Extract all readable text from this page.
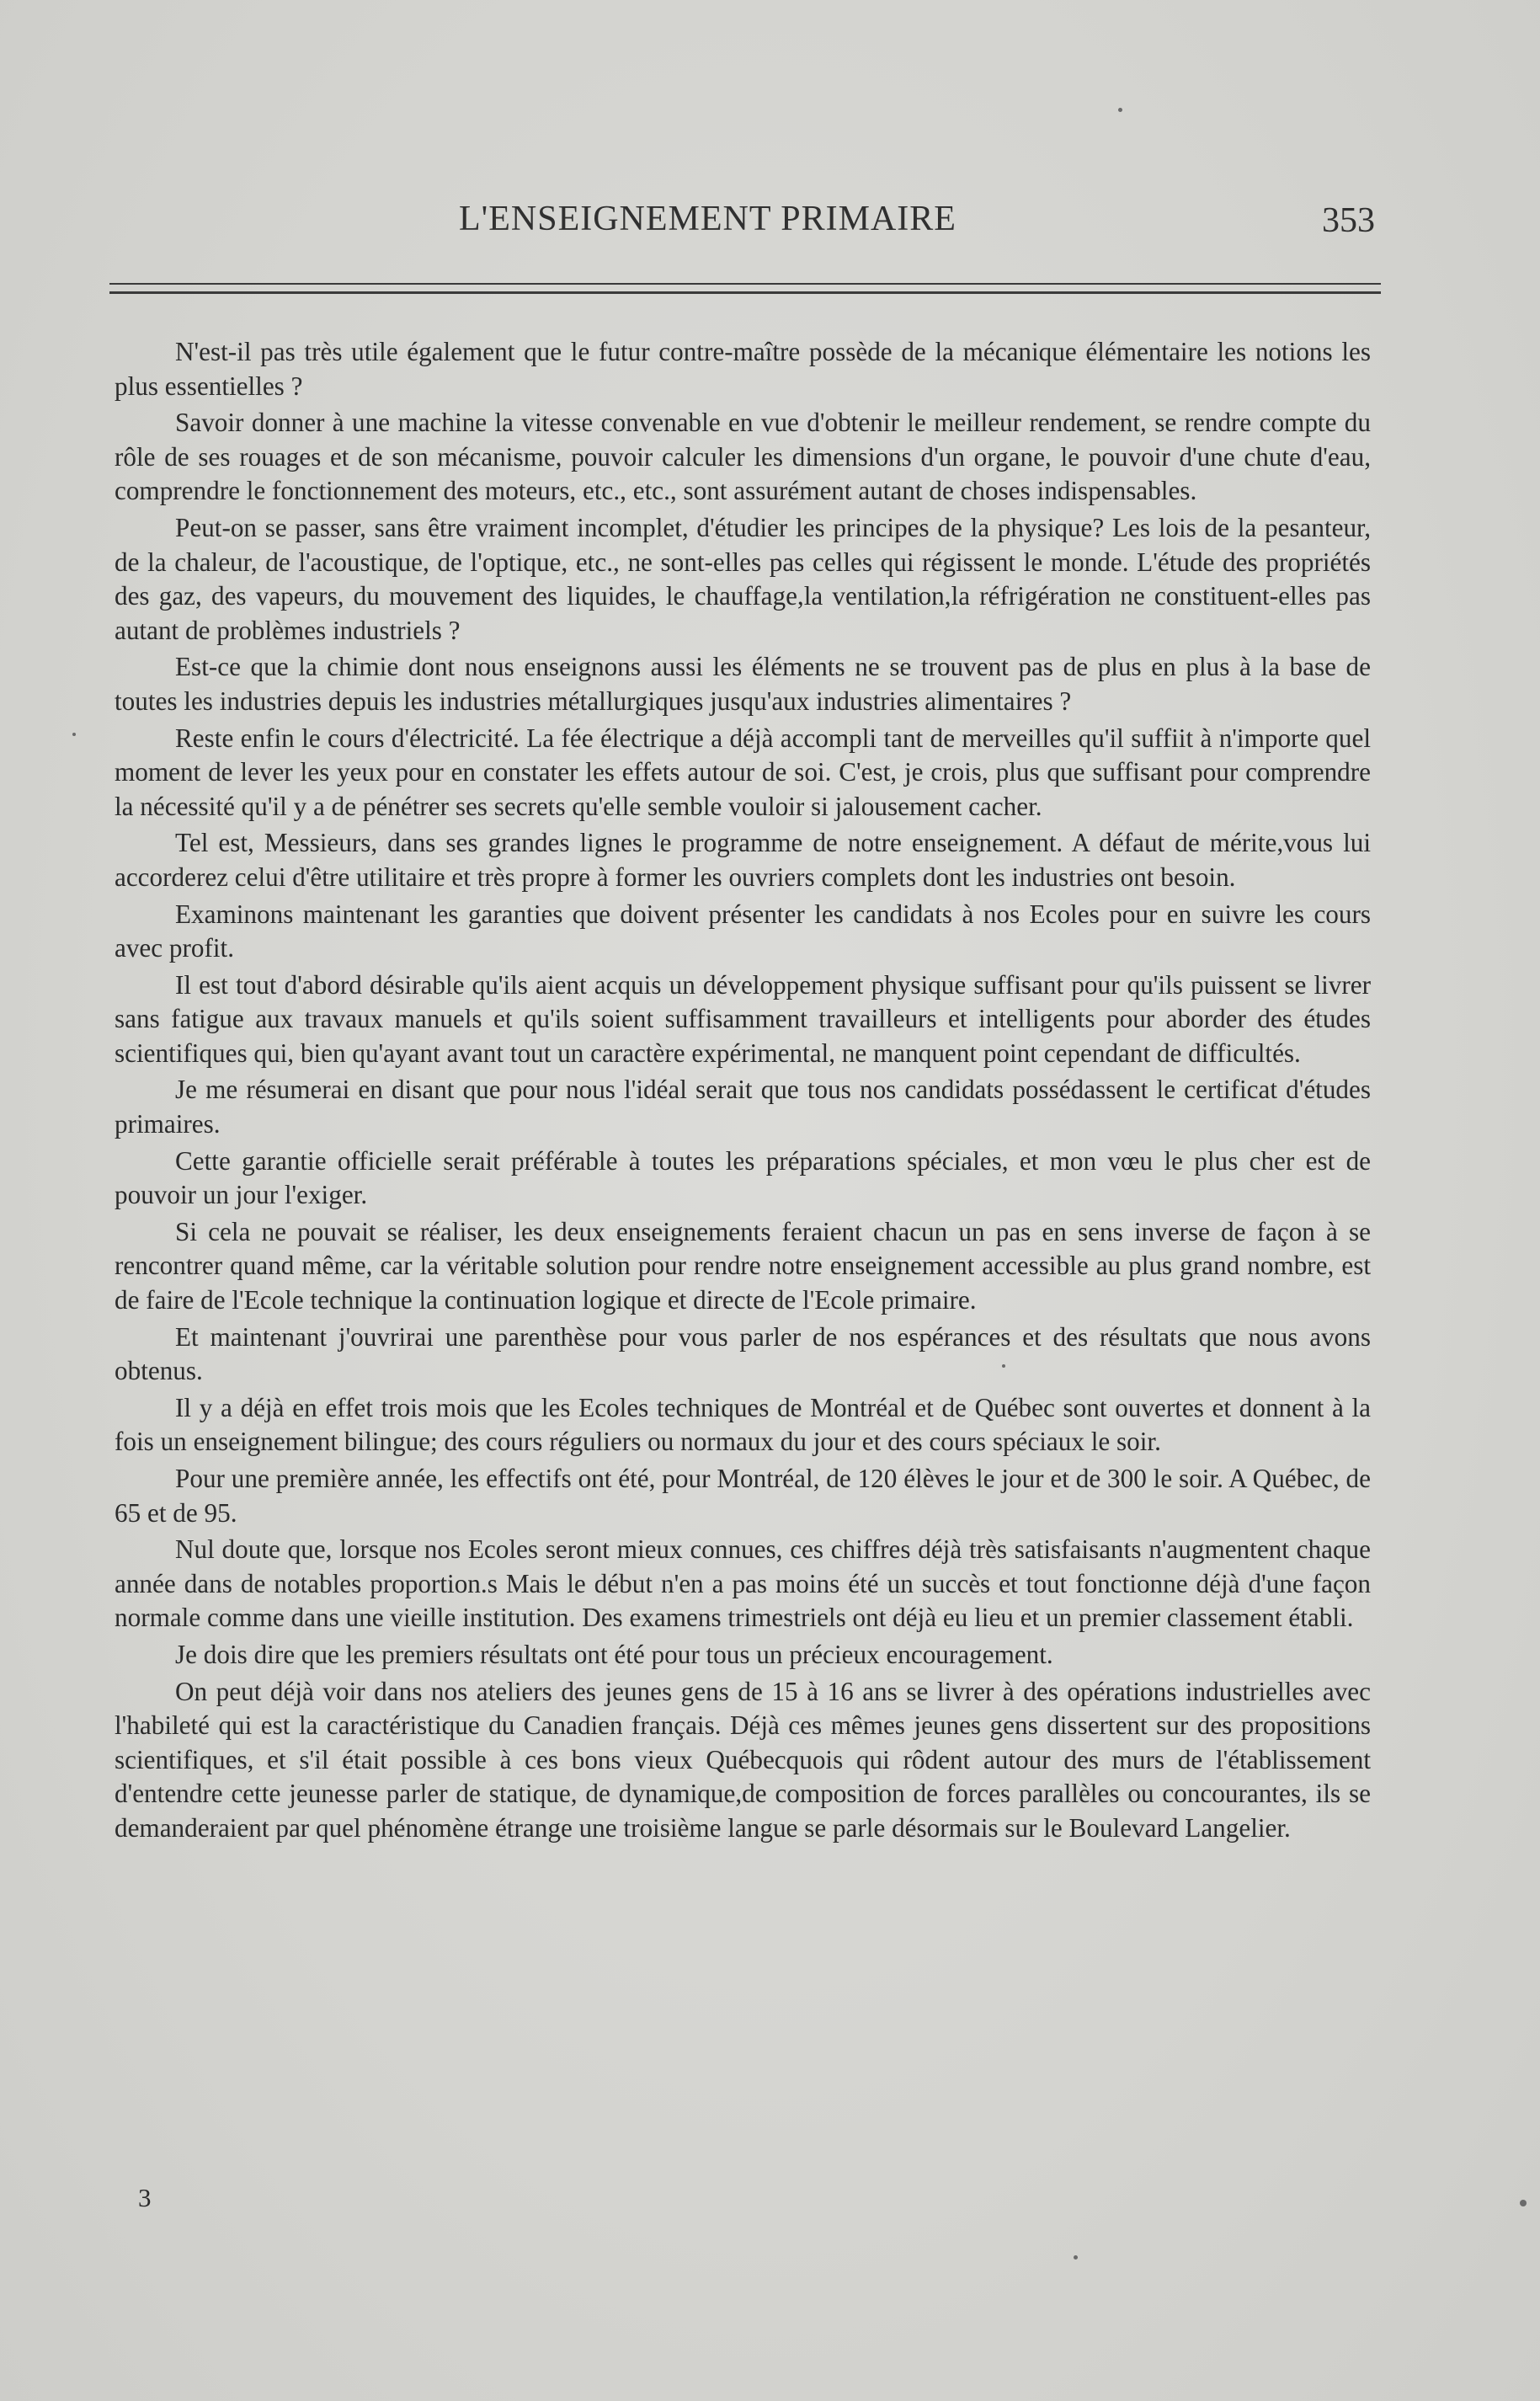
L'ENSEIGNEMENT PRIMAIRE	353

N'est-il pas très utile également que le futur contre-maître possède de la mécanique élémentaire les notions les plus essentielles ?

Savoir donner à une machine la vitesse convenable en vue d'obtenir le meilleur rendement, se rendre compte du rôle de ses rouages et de son mécanisme, pouvoir calculer les dimensions d'un organe, le pouvoir d'une chute d'eau, comprendre le fonctionnement des moteurs, etc., etc., sont assurément autant de choses indispensables.

Peut-on se passer, sans être vraiment incomplet, d'étudier les principes de la physique? Les lois de la pesanteur, de la chaleur, de l'acoustique, de l'optique, etc., ne sont-elles pas celles qui régissent le monde. L'étude des propriétés des gaz, des vapeurs, du mouvement des liquides, le chauffage,la ventilation,la réfrigération ne constituent-elles pas autant de problèmes industriels ?

Est-ce que la chimie dont nous enseignons aussi les éléments ne se trouvent pas de plus en plus à la base de toutes les industries depuis les industries métallurgiques jusqu'aux industries alimentaires ?

Reste enfin le cours d'électricité. La fée électrique a déjà accompli tant de merveilles qu'il suffiit à n'importe quel moment de lever les yeux pour en constater les effets autour de soi. C'est, je crois, plus que suffisant pour comprendre la nécessité qu'il y a de pénétrer ses secrets qu'elle semble vouloir si jalousement cacher.

Tel est, Messieurs, dans ses grandes lignes le programme de notre enseignement. A défaut de mérite,vous lui accorderez celui d'être utilitaire et très propre à former les ouvriers complets dont les industries ont besoin.

Examinons maintenant les garanties que doivent présenter les candidats à nos Ecoles pour en suivre les cours avec profit.

Il est tout d'abord désirable qu'ils aient acquis un développement physique suffisant pour qu'ils puissent se livrer sans fatigue aux travaux manuels et qu'ils soient suffisamment travailleurs et intelligents pour aborder des études scientifiques qui, bien qu'ayant avant tout un caractère expérimental, ne manquent point cependant de difficultés.

Je me résumerai en disant que pour nous l'idéal serait que tous nos candidats possédassent le certificat d'études primaires.

Cette garantie officielle serait préférable à toutes les préparations spéciales, et mon vœu le plus cher est de pouvoir un jour l'exiger.

Si cela ne pouvait se réaliser, les deux enseignements feraient chacun un pas en sens inverse de façon à se rencontrer quand même, car la véritable solution pour rendre notre enseignement accessible au plus grand nombre, est de faire de l'Ecole technique la continuation logique et directe de l'Ecole primaire.

Et maintenant j'ouvrirai une parenthèse pour vous parler de nos espérances et des résultats que nous avons obtenus.

Il y a déjà en effet trois mois que les Ecoles techniques de Montréal et de Québec sont ouvertes et donnent à la fois un enseignement bilingue; des cours réguliers ou normaux du jour et des cours spéciaux le soir.

Pour une première année, les effectifs ont été, pour Montréal, de 120 élèves le jour et de 300 le soir. A Québec, de 65 et de 95.

Nul doute que, lorsque nos Ecoles seront mieux connues, ces chiffres déjà très satisfaisants n'augmentent chaque année dans de notables proportion.s Mais le début n'en a pas moins été un succès et tout fonctionne déjà d'une façon normale comme dans une vieille institution. Des examens trimestriels ont déjà eu lieu et un premier classement établi.

Je dois dire que les premiers résultats ont été pour tous un précieux encouragement.

On peut déjà voir dans nos ateliers des jeunes gens de 15 à 16 ans se livrer à des opérations industrielles avec l'habileté qui est la caractéristique du Canadien français. Déjà ces mêmes jeunes gens dissertent sur des propositions scientifiques, et s'il était possible à ces bons vieux Québecquois qui rôdent autour des murs de l'établissement d'entendre cette jeunesse parler de statique, de dynamique,de composition de forces parallèles ou concourantes, ils se demanderaient par quel phénomène étrange une troisième langue se parle désormais sur le Boulevard Langelier.

3
